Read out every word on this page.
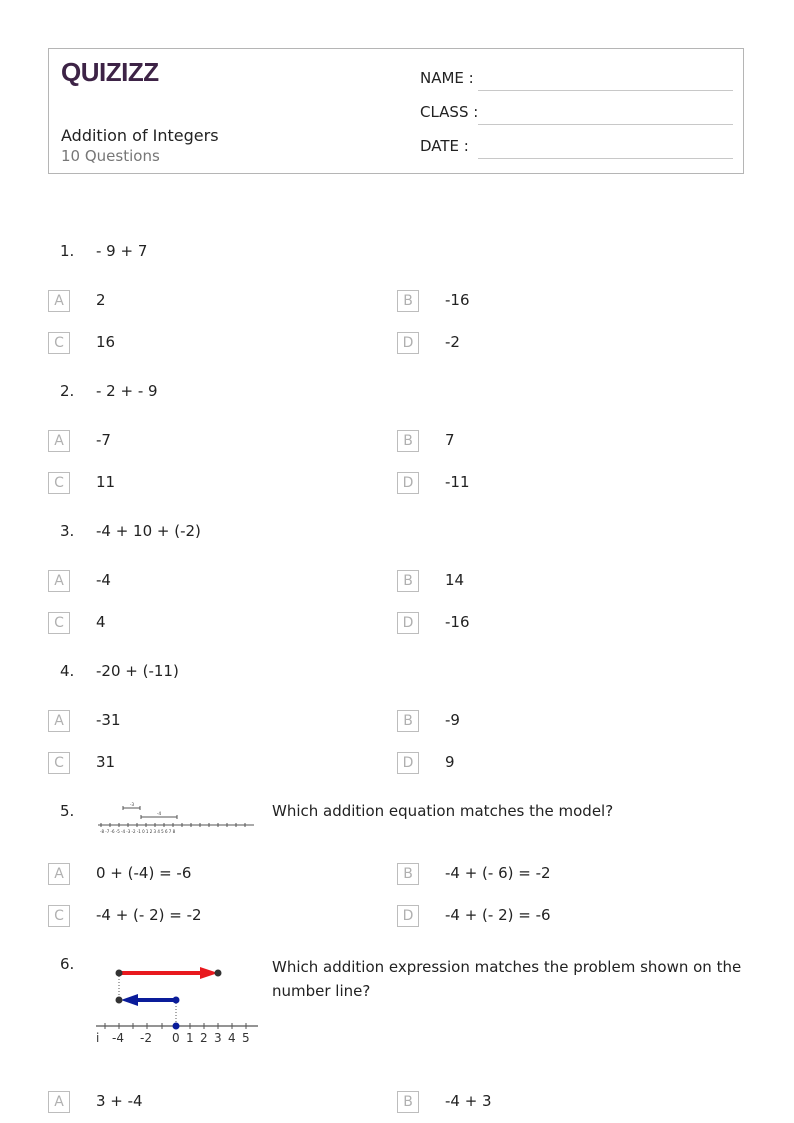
QUIZIZZ
Addition of Integers
10 Questions
NAME :
CLASS :
DATE :
1. - 9 + 7
A	2	B	-16
C	16	D	-2
2. - 2 + - 9
A	-7	B	7
C	11	D	-11
3. -4 + 10 + (-2)
A	-4	B	14
C	4	D	-16
4. -20 + (-11)
A	-31	B	-9
C	31	D	9
5.	-3
-4
-8 -7 -6 -5 -4 -3 -2 -1 0 1 2 3 4 5 6 7 8
Which addition equation matches the model?
A	0 + (-4) = -6	B	-4 + (- 6) = -2
C	-4 + (- 2) = -2	D	-4 + (- 2) = -6
6.
i -4 -2 0 1 2 3 4 5
Which addition expression matches the problem shown on the number line?
A	3 + -4	B	-4 + 3
